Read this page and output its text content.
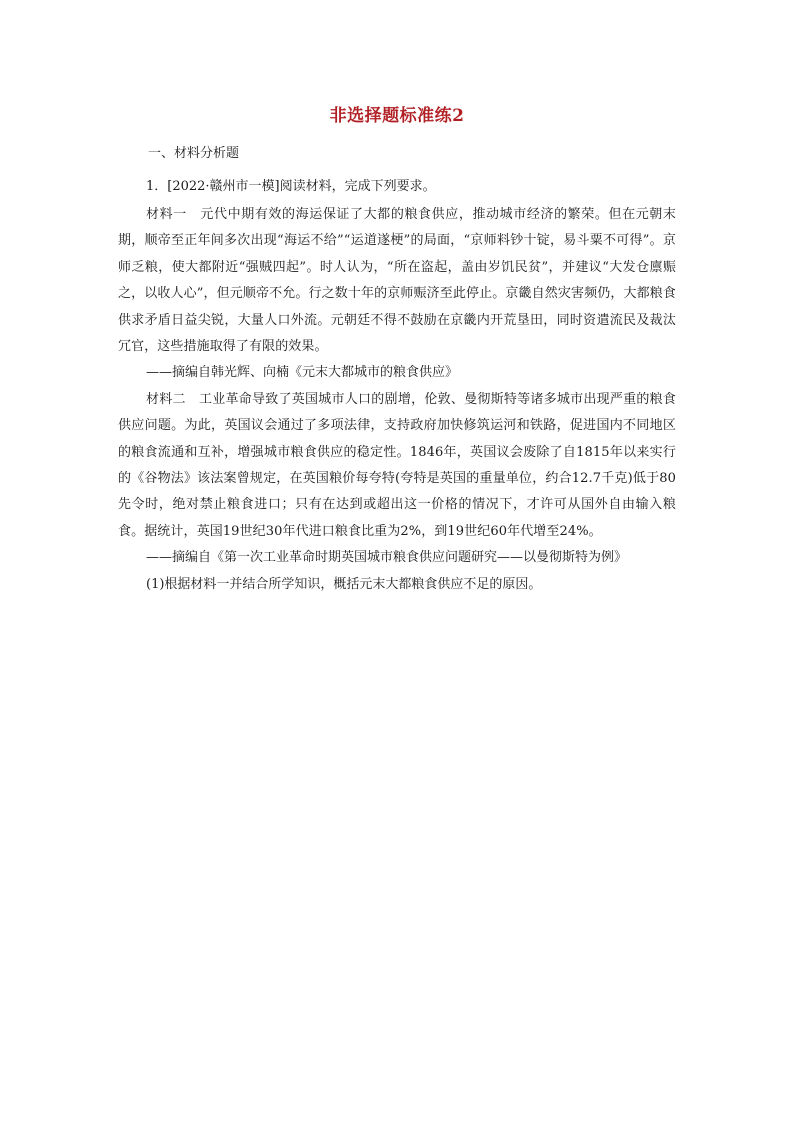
非选择题标准练2

一、材料分析题

1．[2022·赣州市一模]阅读材料，完成下列要求。

材料一　元代中期有效的海运保证了大都的粮食供应，推动城市经济的繁荣。但在元朝末期，顺帝至正年间多次出现“海运不给”“运道遂梗”的局面，“京师料钞十锭，易斗粟不可得”。京师乏粮，使大都附近“强贼四起”。时人认为，“所在盗起，盖由岁饥民贫”，并建议“大发仓廪赈之，以收人心”，但元顺帝不允。行之数十年的京师赈济至此停止。京畿自然灾害频仍，大都粮食供求矛盾日益尖锐，大量人口外流。元朝廷不得不鼓励在京畿内开荒垦田，同时资遣流民及裁汰冗官，这些措施取得了有限的效果。

——摘编自韩光辉、向楠《元末大都城市的粮食供应》

材料二　工业革命导致了英国城市人口的剧增，伦敦、曼彻斯特等诸多城市出现严重的粮食供应问题。为此，英国议会通过了多项法律，支持政府加快修筑运河和铁路，促进国内不同地区的粮食流通和互补，增强城市粮食供应的稳定性。1846年，英国议会废除了自1815年以来实行的《谷物法》该法案曾规定，在英国粮价每夸特(夸特是英国的重量单位，约合12.7千克)低于80先令时，绝对禁止粮食进口；只有在达到或超出这一价格的情况下，才许可从国外自由输入粮食。据统计，英国19世纪30年代进口粮食比重为2%，到19世纪60年代增至24%。

——摘编自《第一次工业革命时期英国城市粮食供应问题研究——以曼彻斯特为例》

(1)根据材料一并结合所学知识，概括元末大都粮食供应不足的原因。
